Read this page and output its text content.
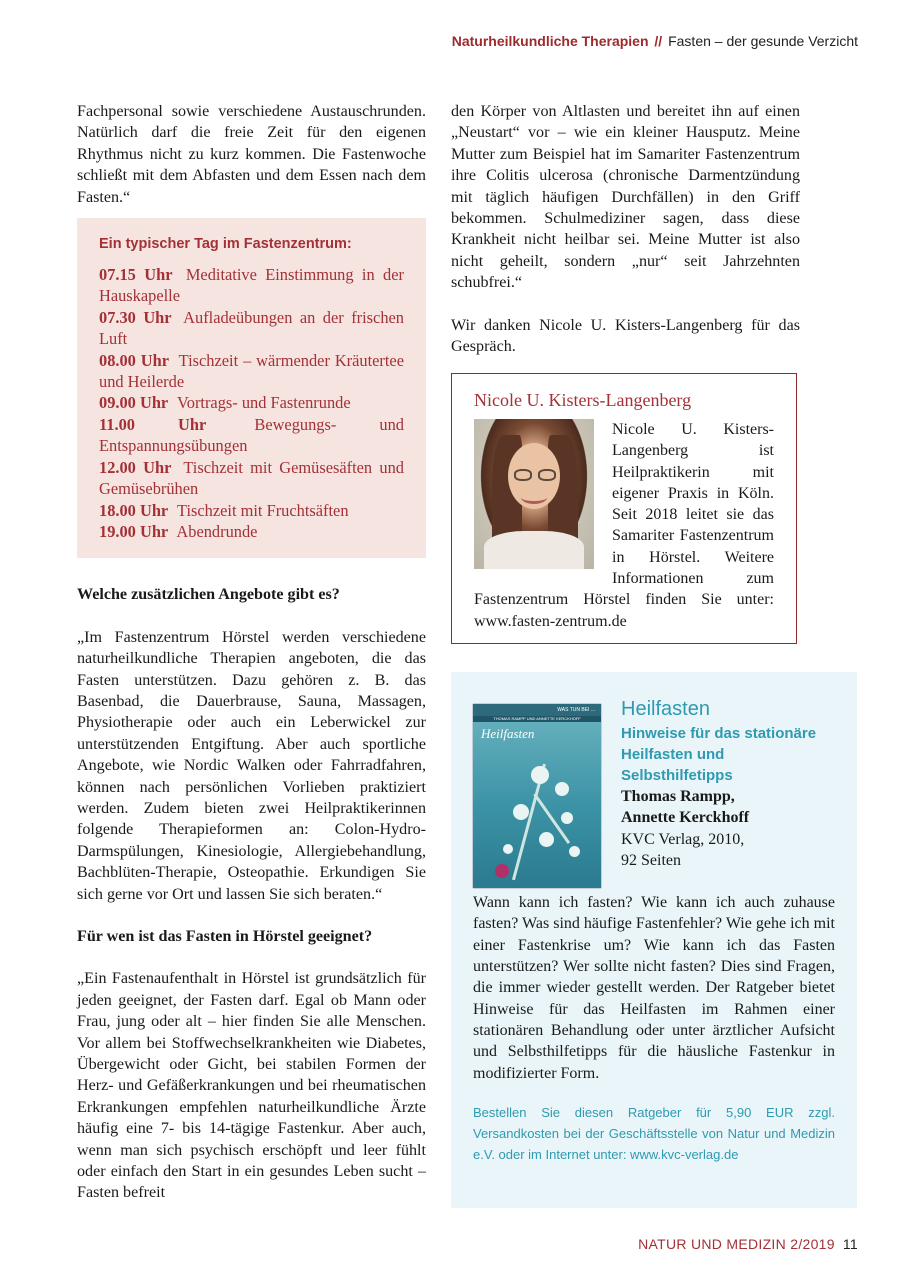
Naturheilkundliche Therapien // Fasten – der gesunde Verzicht

Fachpersonal sowie verschiedene Austauschrunden. Natürlich darf die freie Zeit für den eigenen Rhythmus nicht zu kurz kommen. Die Fastenwoche schließt mit dem Abfasten und dem Essen nach dem Fasten.“

Ein typischer Tag im Fastenzentrum:
07.15 Uhr Meditative Einstimmung in der Hauskapelle
07.30 Uhr Aufladeübungen an der frischen Luft
08.00 Uhr Tischzeit – wärmender Kräutertee und Heilerde
09.00 Uhr Vortrags- und Fastenrunde
11.00 Uhr	Bewegungs- und Entspannungsübungen
12.00 Uhr Tischzeit mit Gemüsesäften und Gemüsebrühen
18.00 Uhr Tischzeit mit Fruchtsäften
19.00 Uhr Abendrunde
Welche zusätzlichen Angebote gibt es?

„Im Fastenzentrum Hörstel werden verschiedene naturheilkundliche Therapien angeboten, die das Fasten unterstützen. Dazu gehören z. B. das Basenbad, die Dauerbrause, Sauna, Massagen, Physiotherapie oder auch ein Leberwickel zur unterstützenden Entgiftung. Aber auch sportliche Angebote, wie Nordic Walken oder Fahrradfahren, können nach persönlichen Vorlieben praktiziert werden. Zudem bieten zwei Heilpraktikerinnen folgende Therapieformen an: Colon-Hydro-Darmspülungen, Kinesiologie, Allergiebehandlung, Bachblüten-Therapie, Osteopathie. Erkundigen Sie sich gerne vor Ort und lassen Sie sich beraten.“

Für wen ist das Fasten in Hörstel geeignet?

„Ein Fastenaufenthalt in Hörstel ist grundsätzlich für jeden geeignet, der Fasten darf. Egal ob Mann oder Frau, jung oder alt – hier finden Sie alle Menschen. Vor allem bei Stoffwechselkrankheiten wie Diabetes, Übergewicht oder Gicht, bei stabilen Formen der Herz- und Gefäßerkrankungen und bei rheumatischen Erkrankungen empfehlen naturheilkundliche Ärzte häufig eine 7- bis 14-tägige Fastenkur. Aber auch, wenn man sich psychisch erschöpft und leer fühlt oder einfach den Start in ein gesundes Leben sucht – Fasten befreit

den Körper von Altlasten und bereitet ihn auf einen „Neustart“ vor – wie ein kleiner Hausputz. Meine Mutter zum Beispiel hat im Samariter Fastenzentrum ihre Colitis ulcerosa (chronische Darmentzündung mit täglich häufigen Durchfällen) in den Griff bekommen. Schulmediziner sagen, dass diese Krankheit nicht heilbar sei. Meine Mutter ist also nicht geheilt, sondern „nur“ seit Jahrzehnten schubfrei.“

Wir danken Nicole U. Kisters-Langenberg für das Gespräch.

Nicole U. Kisters-Langenberg

Nicole U. Kisters-Langenberg ist Heilpraktikerin mit eigener Praxis in Köln. Seit 2018 leitet sie das Samariter Fastenzentrum in Hörstel. Weitere Informationen zum Fastenzentrum Hörstel finden Sie unter: www.fasten-zentrum.de

WAS TUN BEI ...
THOMAS RAMPP UND ANNETTE KERCKHOFF
Heilfasten
Heilfasten
Hinweise für das stationäre Heilfasten und Selbsthilfetipps
Thomas Rampp,
Annette Kerckhoff
KVC Verlag, 2010,
92 Seiten

Wann kann ich fasten? Wie kann ich auch zuhause fasten? Was sind häufige Fastenfehler? Wie gehe ich mit einer Fastenkrise um? Wie kann ich das Fasten unterstützen? Wer sollte nicht fasten? Dies sind Fragen, die immer wieder gestellt werden. Der Ratgeber bietet Hinweise für das Heilfasten im Rahmen einer stationären Behandlung oder unter ärztlicher Aufsicht und Selbsthilfetipps für die häusliche Fastenkur in modifizierter Form.

Bestellen Sie diesen Ratgeber für 5,90 EUR zzgl. Versandkosten bei der Geschäftsstelle von Natur und Medizin e.V. oder im Internet unter: www.kvc-verlag.de
NATUR UND MEDIZIN 2/2019 11
